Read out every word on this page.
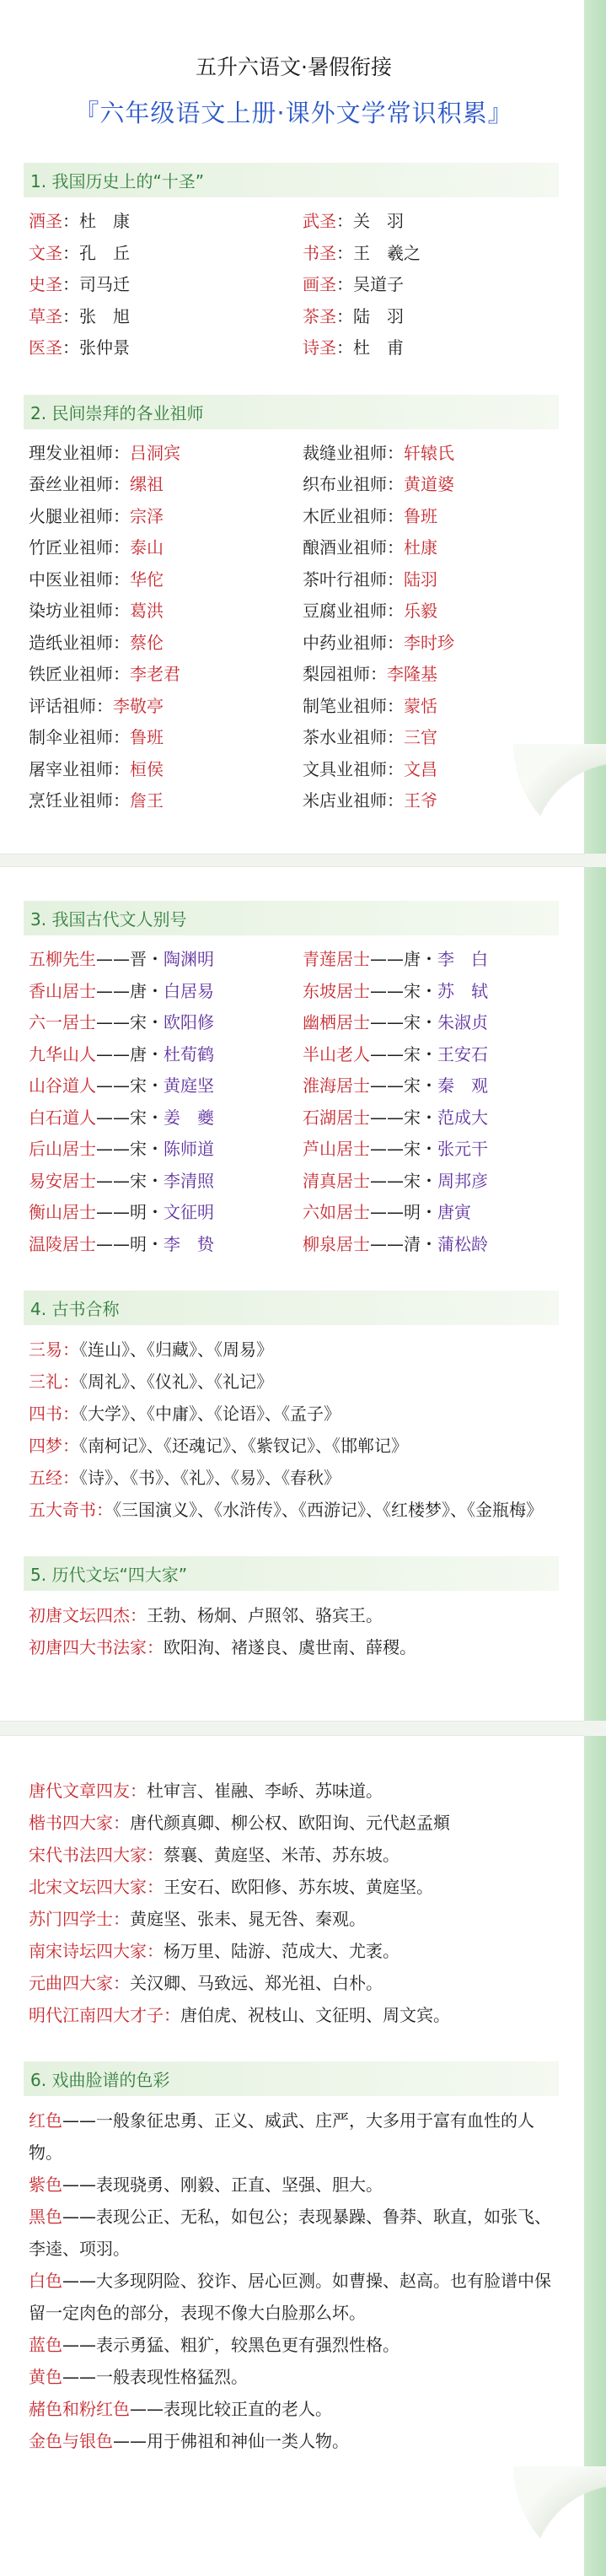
五升六语文·暑假衔接
『六年级语文上册·课外文学常识积累』
1. 我国历史上的“十圣”
酒圣：杜　康	武圣：关　羽
文圣：孔　丘	书圣：王　羲之
史圣：司马迁	画圣：吴道子
草圣：张　旭	茶圣：陆　羽
医圣：张仲景	诗圣：杜　甫
2. 民间崇拜的各业祖师
理发业祖师：吕洞宾	裁缝业祖师：轩辕氏
蚕丝业祖师：缧祖	织布业祖师：黄道婆
火腿业祖师：宗泽	木匠业祖师：鲁班
竹匠业祖师：泰山	酿酒业祖师：杜康
中医业祖师：华佗	茶叶行祖师：陆羽
染坊业祖师：葛洪	豆腐业祖师：乐毅
造纸业祖师：蔡伦	中药业祖师：李时珍
铁匠业祖师：李老君	梨园祖师：李隆基
评话祖师：李敬亭	制笔业祖师：蒙恬
制伞业祖师：鲁班	茶水业祖师：三官
屠宰业祖师：桓侯	文具业祖师：文昌
烹饪业祖师：詹王	米店业祖师：王爷
3. 我国古代文人别号
五柳先生——晋・陶渊明	青莲居士——唐・李　白
香山居士——唐・白居易	东坡居士——宋・苏　轼
六一居士——宋・欧阳修	幽栖居士——宋・朱淑贞
九华山人——唐・杜荀鹤	半山老人——宋・王安石
山谷道人——宋・黄庭坚	淮海居士——宋・秦　观
白石道人——宋・姜　夔	石湖居士——宋・范成大
后山居士——宋・陈师道	芦山居士——宋・张元干
易安居士——宋・李清照	清真居士——宋・周邦彦
衡山居士——明・文征明	六如居士——明・唐寅
温陵居士——明・李　贽	柳泉居士——清・蒲松龄
4. 古书合称
三易：《连山》、《归藏》、《周易》
三礼：《周礼》、《仪礼》、《礼记》
四书：《大学》、《中庸》、《论语》、《孟子》
四梦：《南柯记》、《还魂记》、《紫钗记》、《邯郸记》
五经：《诗》、《书》、《礼》、《易》、《春秋》
五大奇书：《三国演义》、《水浒传》、《西游记》、《红楼梦》、《金瓶梅》
5. 历代文坛“四大家”
初唐文坛四杰：王勃、杨炯、卢照邻、骆宾王。
初唐四大书法家：欧阳洵、褚遂良、虞世南、薛稷。
唐代文章四友：杜审言、崔融、李峤、苏味道。
楷书四大家：唐代颜真卿、柳公权、欧阳询、元代赵孟頫
宋代书法四大家：蔡襄、黄庭坚、米芾、苏东坡。
北宋文坛四大家：王安石、欧阳修、苏东坡、黄庭坚。
苏门四学士：黄庭坚、张耒、晁无咎、秦观。
南宋诗坛四大家：杨万里、陆游、范成大、尤袤。
元曲四大家：关汉卿、马致远、郑光祖、白朴。
明代江南四大才子：唐伯虎、祝枝山、文征明、周文宾。
6. 戏曲脸谱的色彩
红色——一般象征忠勇、正义、威武、庄严，大多用于富有血性的人物。
紫色——表现骁勇、刚毅、正直、坚强、胆大。
黑色——表现公正、无私，如包公；表现暴躁、鲁莽、耿直，如张飞、李逵、项羽。
白色——大多现阴险、狡诈、居心叵测。如曹操、赵高。也有脸谱中保留一定肉色的部分，表现不像大白脸那么坏。
蓝色——表示勇猛、粗犷，较黑色更有强烈性格。
黄色——一般表现性格猛烈。
赭色和粉红色——表现比较正直的老人。
金色与银色——用于佛祖和神仙一类人物。
